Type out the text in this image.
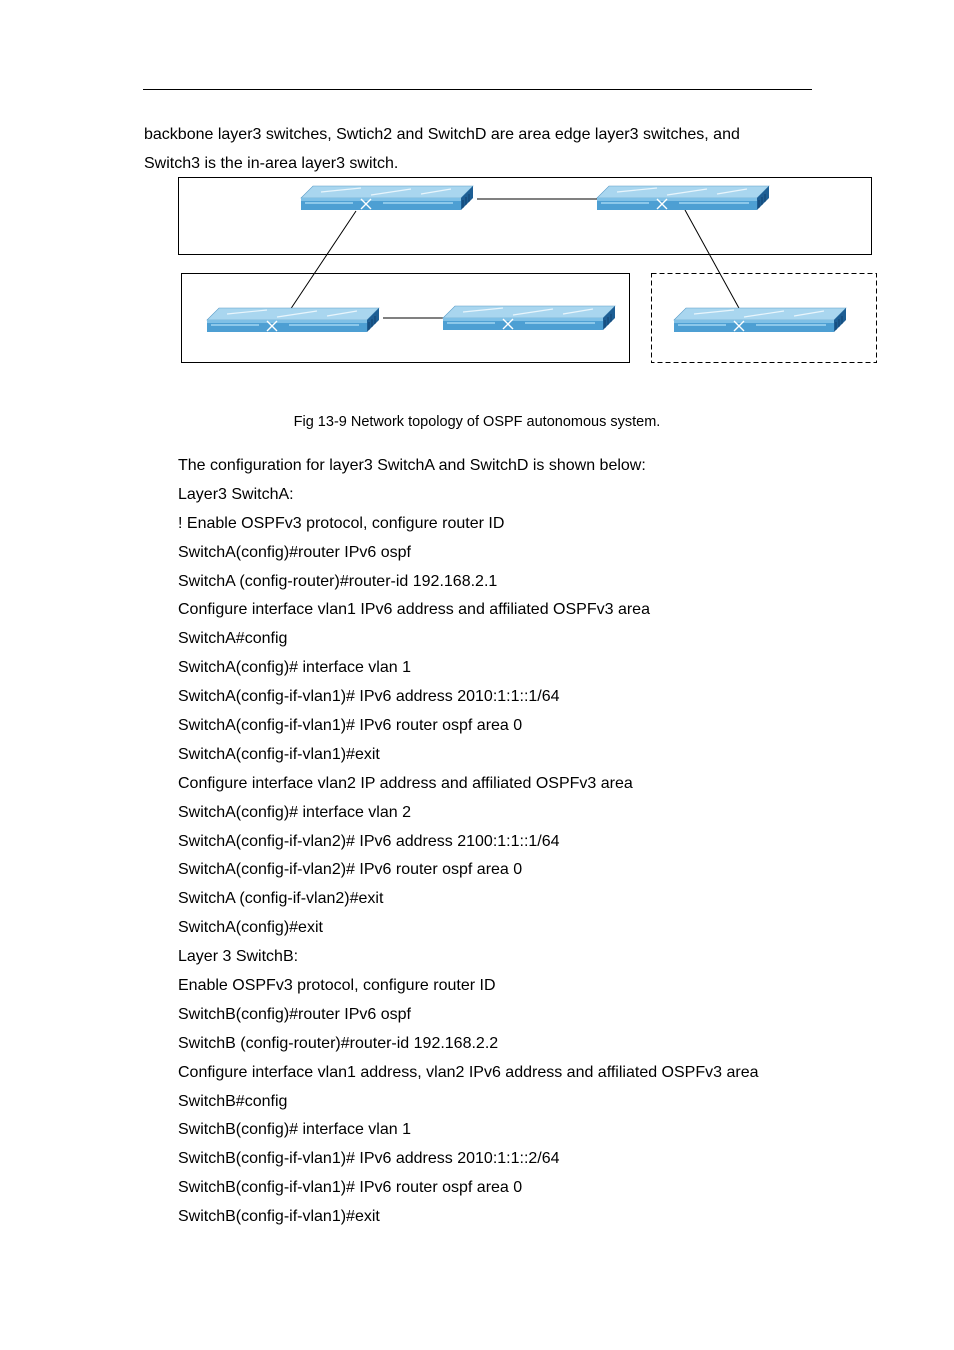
backbone layer3 switches, Swtich2 and SwitchD are area edge layer3 switches, and
Switch3 is the in-area layer3 switch.

Fig 13-9 Network topology of OSPF autonomous system.
The configuration for layer3 SwitchA and SwitchD is shown below:
Layer3 SwitchA:
! Enable OSPFv3 protocol, configure router ID
SwitchA(config)#router IPv6 ospf
SwitchA (config-router)#router-id 192.168.2.1
Configure interface vlan1 IPv6 address and affiliated OSPFv3 area
SwitchA#config
SwitchA(config)# interface vlan 1
SwitchA(config-if-vlan1)# IPv6 address 2010:1:1::1/64
SwitchA(config-if-vlan1)# IPv6 router ospf area 0
SwitchA(config-if-vlan1)#exit
Configure interface vlan2 IP address and affiliated OSPFv3 area
SwitchA(config)# interface vlan 2
SwitchA(config-if-vlan2)# IPv6 address 2100:1:1::1/64
SwitchA(config-if-vlan2)# IPv6 router ospf area 0
SwitchA (config-if-vlan2)#exit
SwitchA(config)#exit
Layer 3 SwitchB:
Enable OSPFv3 protocol, configure router ID
SwitchB(config)#router IPv6 ospf
SwitchB (config-router)#router-id 192.168.2.2
Configure interface vlan1 address, vlan2 IPv6 address and affiliated OSPFv3 area
SwitchB#config
SwitchB(config)# interface vlan 1
SwitchB(config-if-vlan1)# IPv6 address 2010:1:1::2/64
SwitchB(config-if-vlan1)# IPv6 router ospf area 0
SwitchB(config-if-vlan1)#exit
